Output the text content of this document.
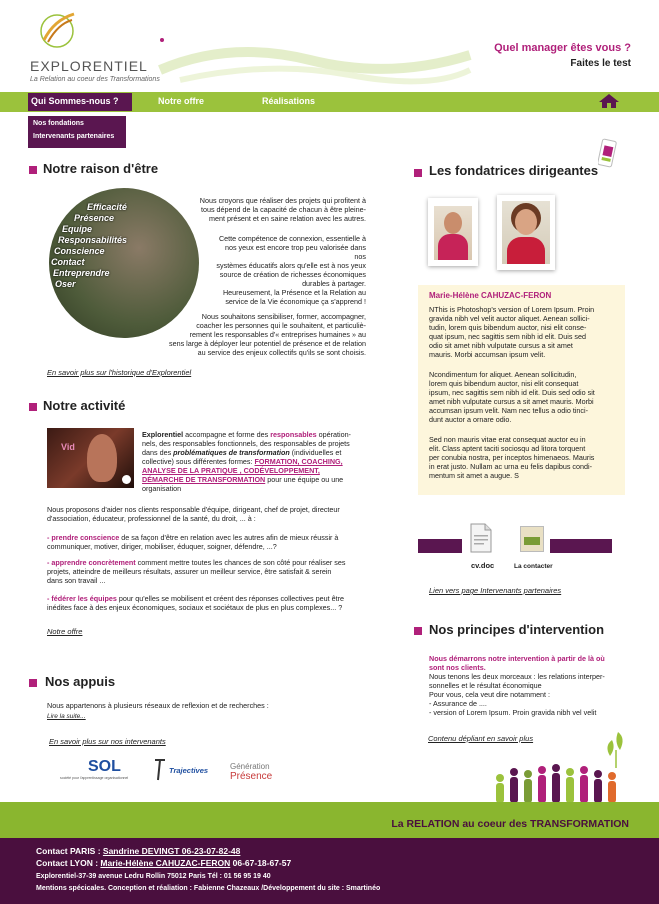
EXPLORENTIEL
La Relation au coeur des Transformations
Quel manager êtes vous ?
Faites le test
Qui Sommes-nous ?	Notre offre	Réalisations
Nos fondations
Intervenants partenaires
Notre raison d'être
Efficacité
Présence
Equipe
Responsabilités
Conscience
Contact
Entreprendre
Oser
Nous croyons que réaliser des projets qui profitent à
tous dépend de la capacité de chacun à être pleine-
ment présent et en saine relation avec les autres.
Cette compétence de connexion, essentielle à
nos yeux est encore trop peu valorisée dans nos
systèmes éducatifs alors qu'elle est à nos yeux
source de création de richesses économiques
durables à partager.
Heureusement, la Présence et la Relation au
service de la Vie économique ça s'apprend !
Nous souhaitons sensibiliser, former, accompagner,
coacher les personnes qui le souhaitent, et particuliè-
rement les responsables d'« entreprises humaines » au
sens large à déployer leur potentiel de présence et de relation
au service des enjeux collectifs qu'ils se sont choisis.
En savoir plus sur l'historique d'Explorentiel
Notre activité
Vid
Explorentiel accompagne et forme des responsables opération-
nels, des responsables fonctionnels, des responsables de projets
dans des problématiques de transformation (individuelles et
collective) sous différentes formes: FORMATION, COACHING,
ANALYSE DE LA PRATIQUE , CODÉVELOPPEMENT,
DÉMARCHE DE TRANSFORMATION pour une équipe ou une
organisation
Nous proposons d'aider nos clients responsable d'équipe, dirigeant, chef de projet, directeur
d'association, éducateur, professionnel de la santé, du droit, ... à :
- prendre conscience de sa façon d'être en relation avec les autres afin de mieux réussir à
communiquer, motiver, diriger, mobiliser, éduquer, soigner, défendre, ...?
- apprendre concrètement comment mettre toutes les chances de son côté pour réaliser ses
projets, atteindre de meilleurs résultats, assurer un meilleur service, être satisfait & serein
dans son travail ...
- fédérer les équipes pour qu'elles se mobilisent et créent des réponses collectives peut être
inédites face à des enjeux économiques, sociaux et sociétaux de plus en plus complexes... ?
Notre offre
Nos appuis
Nous appartenons à plusieurs réseaux de reflexion et de recherches :
Lire la suite...
En savoir plus sur nos intervenants
SOL
société pour l'apprentissage organisationnel
Trajectives	Génération
Présence
Les fondatrices dirigeantes
Marie-Hélène CAHUZAC-FERON
NThis is Photoshop's version of Lorem Ipsum. Proin
gravida nibh vel velit auctor aliquet. Aenean sollici-
tudin, lorem quis bibendum auctor, nisi elit conse-
quat ipsum, nec sagittis sem nibh id elit. Duis sed
odio sit amet nibh vulputate cursus a sit amet
mauris. Morbi accumsan ipsum velit.
Ncondimentum for aliquet. Aenean sollicitudin,
lorem quis bibendum auctor, nisi elit consequat
ipsum, nec sagittis sem nibh id elit. Duis sed odio sit
amet nibh vulputate cursus a sit amet mauris. Morbi
accumsan ipsum velit. Nam nec tellus a odio tinci-
dunt auctor a ornare odio.
Sed non mauris vitae erat consequat auctor eu in
elit. Class aptent taciti sociosqu ad litora torquent
per conubia nostra, per inceptos himenaeos. Mauris
in erat justo. Nullam ac urna eu felis dapibus condi-
mentum sit amet a augue. S
cv.doc	La contacter
Lien vers page Intervenants partenaires
Nos principes d'intervention
Nous démarrons notre intervention à partir de là où
sont nos clients.
Nous tenons les deux morceaux : les relations interper-
sonnelles et le résultat économique
Pour vous, cela veut dire notamment :
- Assurance de ....
- version of Lorem Ipsum. Proin gravida nibh vel velit
Contenu dépliant en savoir plus
La RELATION au coeur des TRANSFORMATION
Contact PARIS : Sandrine DEVINGT 06-23-07-82-48
Contact LYON : Marie-Hélène CAHUZAC-FERON 06-67-18-67-57
Explorentiel-37-39 avenue Ledru Rollin 75012 Paris Tél : 01 56 95 19 40
Mentions spécicales. Conception et réaliation : Fabienne Chazeaux /Développement du site : Smartinéo
